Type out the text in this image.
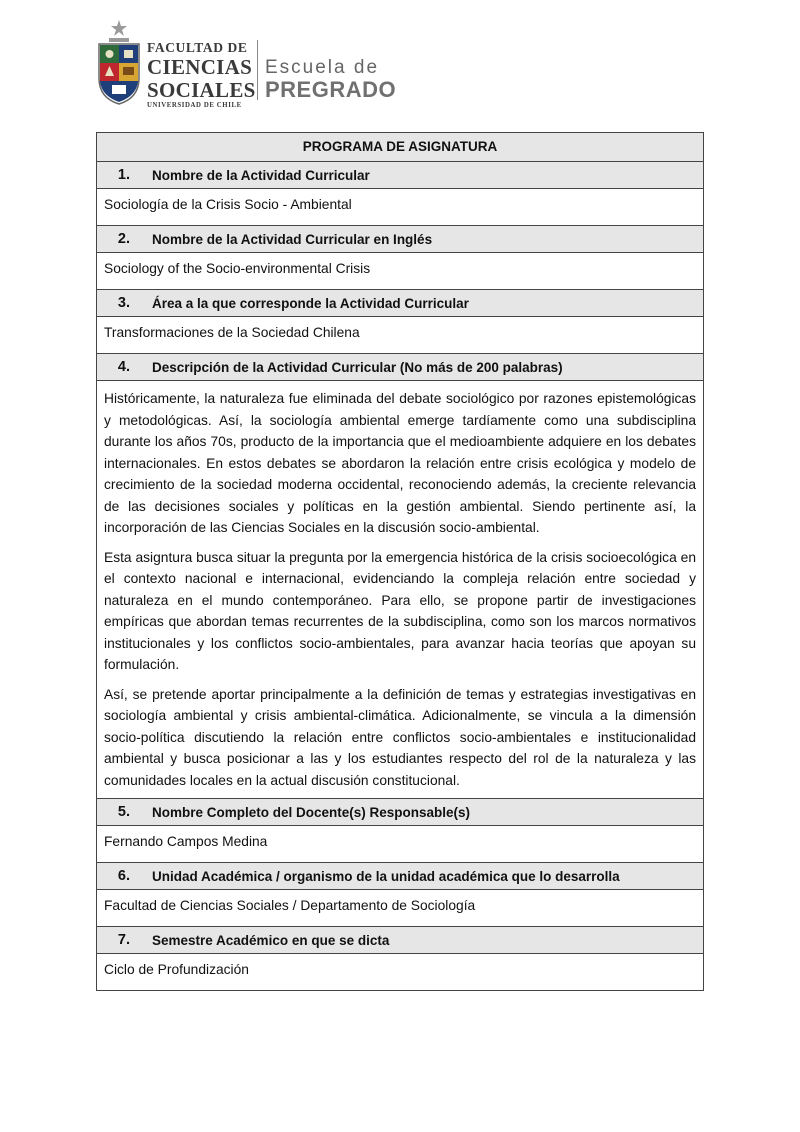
FACULTAD DE
CIENCIAS
SOCIALES
UNIVERSIDAD DE CHILE
Escuela de
PREGRADO
PROGRAMA DE ASIGNATURA
1.	Nombre de la Actividad Curricular
Sociología de la Crisis Socio - Ambiental
2.	Nombre de la Actividad Curricular en Inglés
Sociology of the Socio-environmental Crisis
3.	Área a la que corresponde la Actividad Curricular
Transformaciones de la Sociedad Chilena
4.	Descripción de la Actividad Curricular (No más de 200 palabras)

Históricamente, la naturaleza fue eliminada del debate sociológico por razones epistemológicas y metodológicas. Así, la sociología ambiental emerge tardíamente como una subdisciplina durante los años 70s, producto de la importancia que el medioambiente adquiere en los debates internacionales. En estos debates se abordaron la relación entre crisis ecológica y modelo de crecimiento de la sociedad moderna occidental, reconociendo además, la creciente relevancia de las decisiones sociales y políticas en la gestión ambiental. Siendo pertinente así, la incorporación de las Ciencias Sociales en la discusión socio-ambiental.

Esta asigntura busca situar la pregunta por la emergencia histórica de la crisis socioecológica en el contexto nacional e internacional, evidenciando la compleja relación entre sociedad y naturaleza en el mundo contemporáneo. Para ello, se propone partir de investigaciones empíricas que abordan temas recurrentes de la subdisciplina, como son los marcos normativos institucionales y los conflictos socio-ambientales, para avanzar hacia teorías que apoyan su formulación.

Así, se pretende aportar principalmente a la definición de temas y estrategias investigativas en sociología ambiental y crisis ambiental-climática. Adicionalmente, se vincula a la dimensión socio-política discutiendo la relación entre conflictos socio-ambientales e institucionalidad ambiental y busca posicionar a las y los estudiantes respecto del rol de la naturaleza y las comunidades locales en la actual discusión constitucional.

5.	Nombre Completo del Docente(s) Responsable(s)
Fernando Campos Medina
6.	Unidad Académica / organismo de la unidad académica que lo desarrolla
Facultad de Ciencias Sociales / Departamento de Sociología
7.	Semestre Académico en que se dicta
Ciclo de Profundización
